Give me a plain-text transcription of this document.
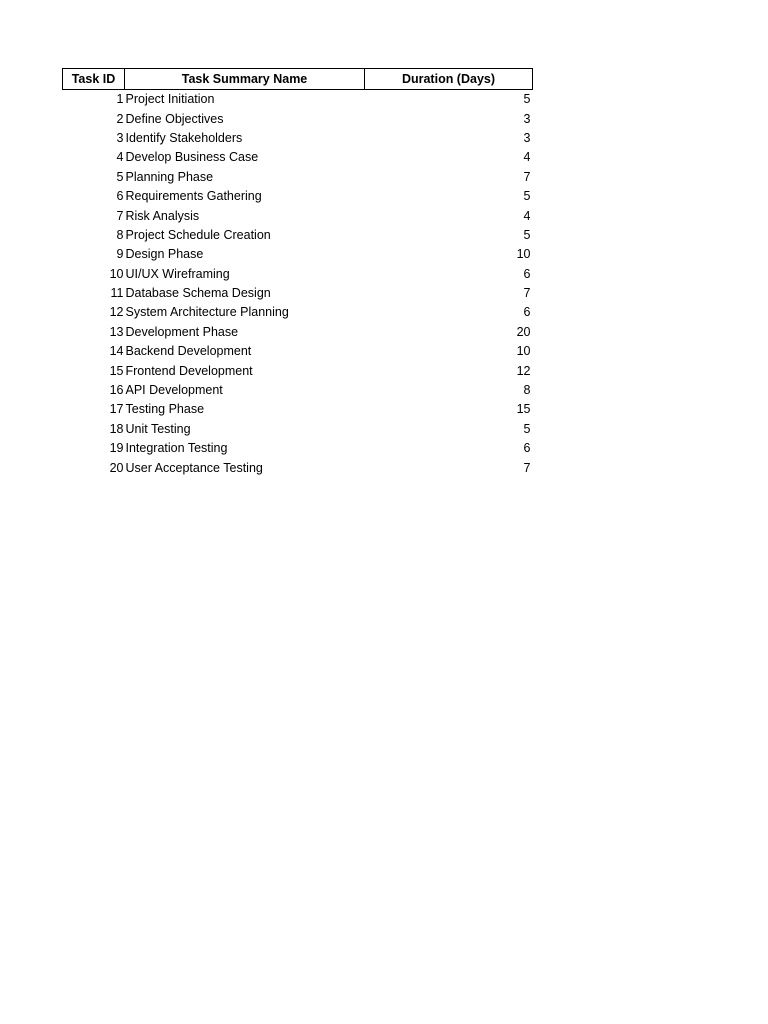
Task ID	Task Summary Name	Duration (Days)
1	Project Initiation	5
2	Define Objectives	3
3	Identify Stakeholders	3
4	Develop Business Case	4
5	Planning Phase	7
6	Requirements Gathering	5
7	Risk Analysis	4
8	Project Schedule Creation	5
9	Design Phase	10
10	UI/UX Wireframing	6
11	Database Schema Design	7
12	System Architecture Planning	6
13	Development Phase	20
14	Backend Development	10
15	Frontend Development	12
16	API Development	8
17	Testing Phase	15
18	Unit Testing	5
19	Integration Testing	6
20	User Acceptance Testing	7
